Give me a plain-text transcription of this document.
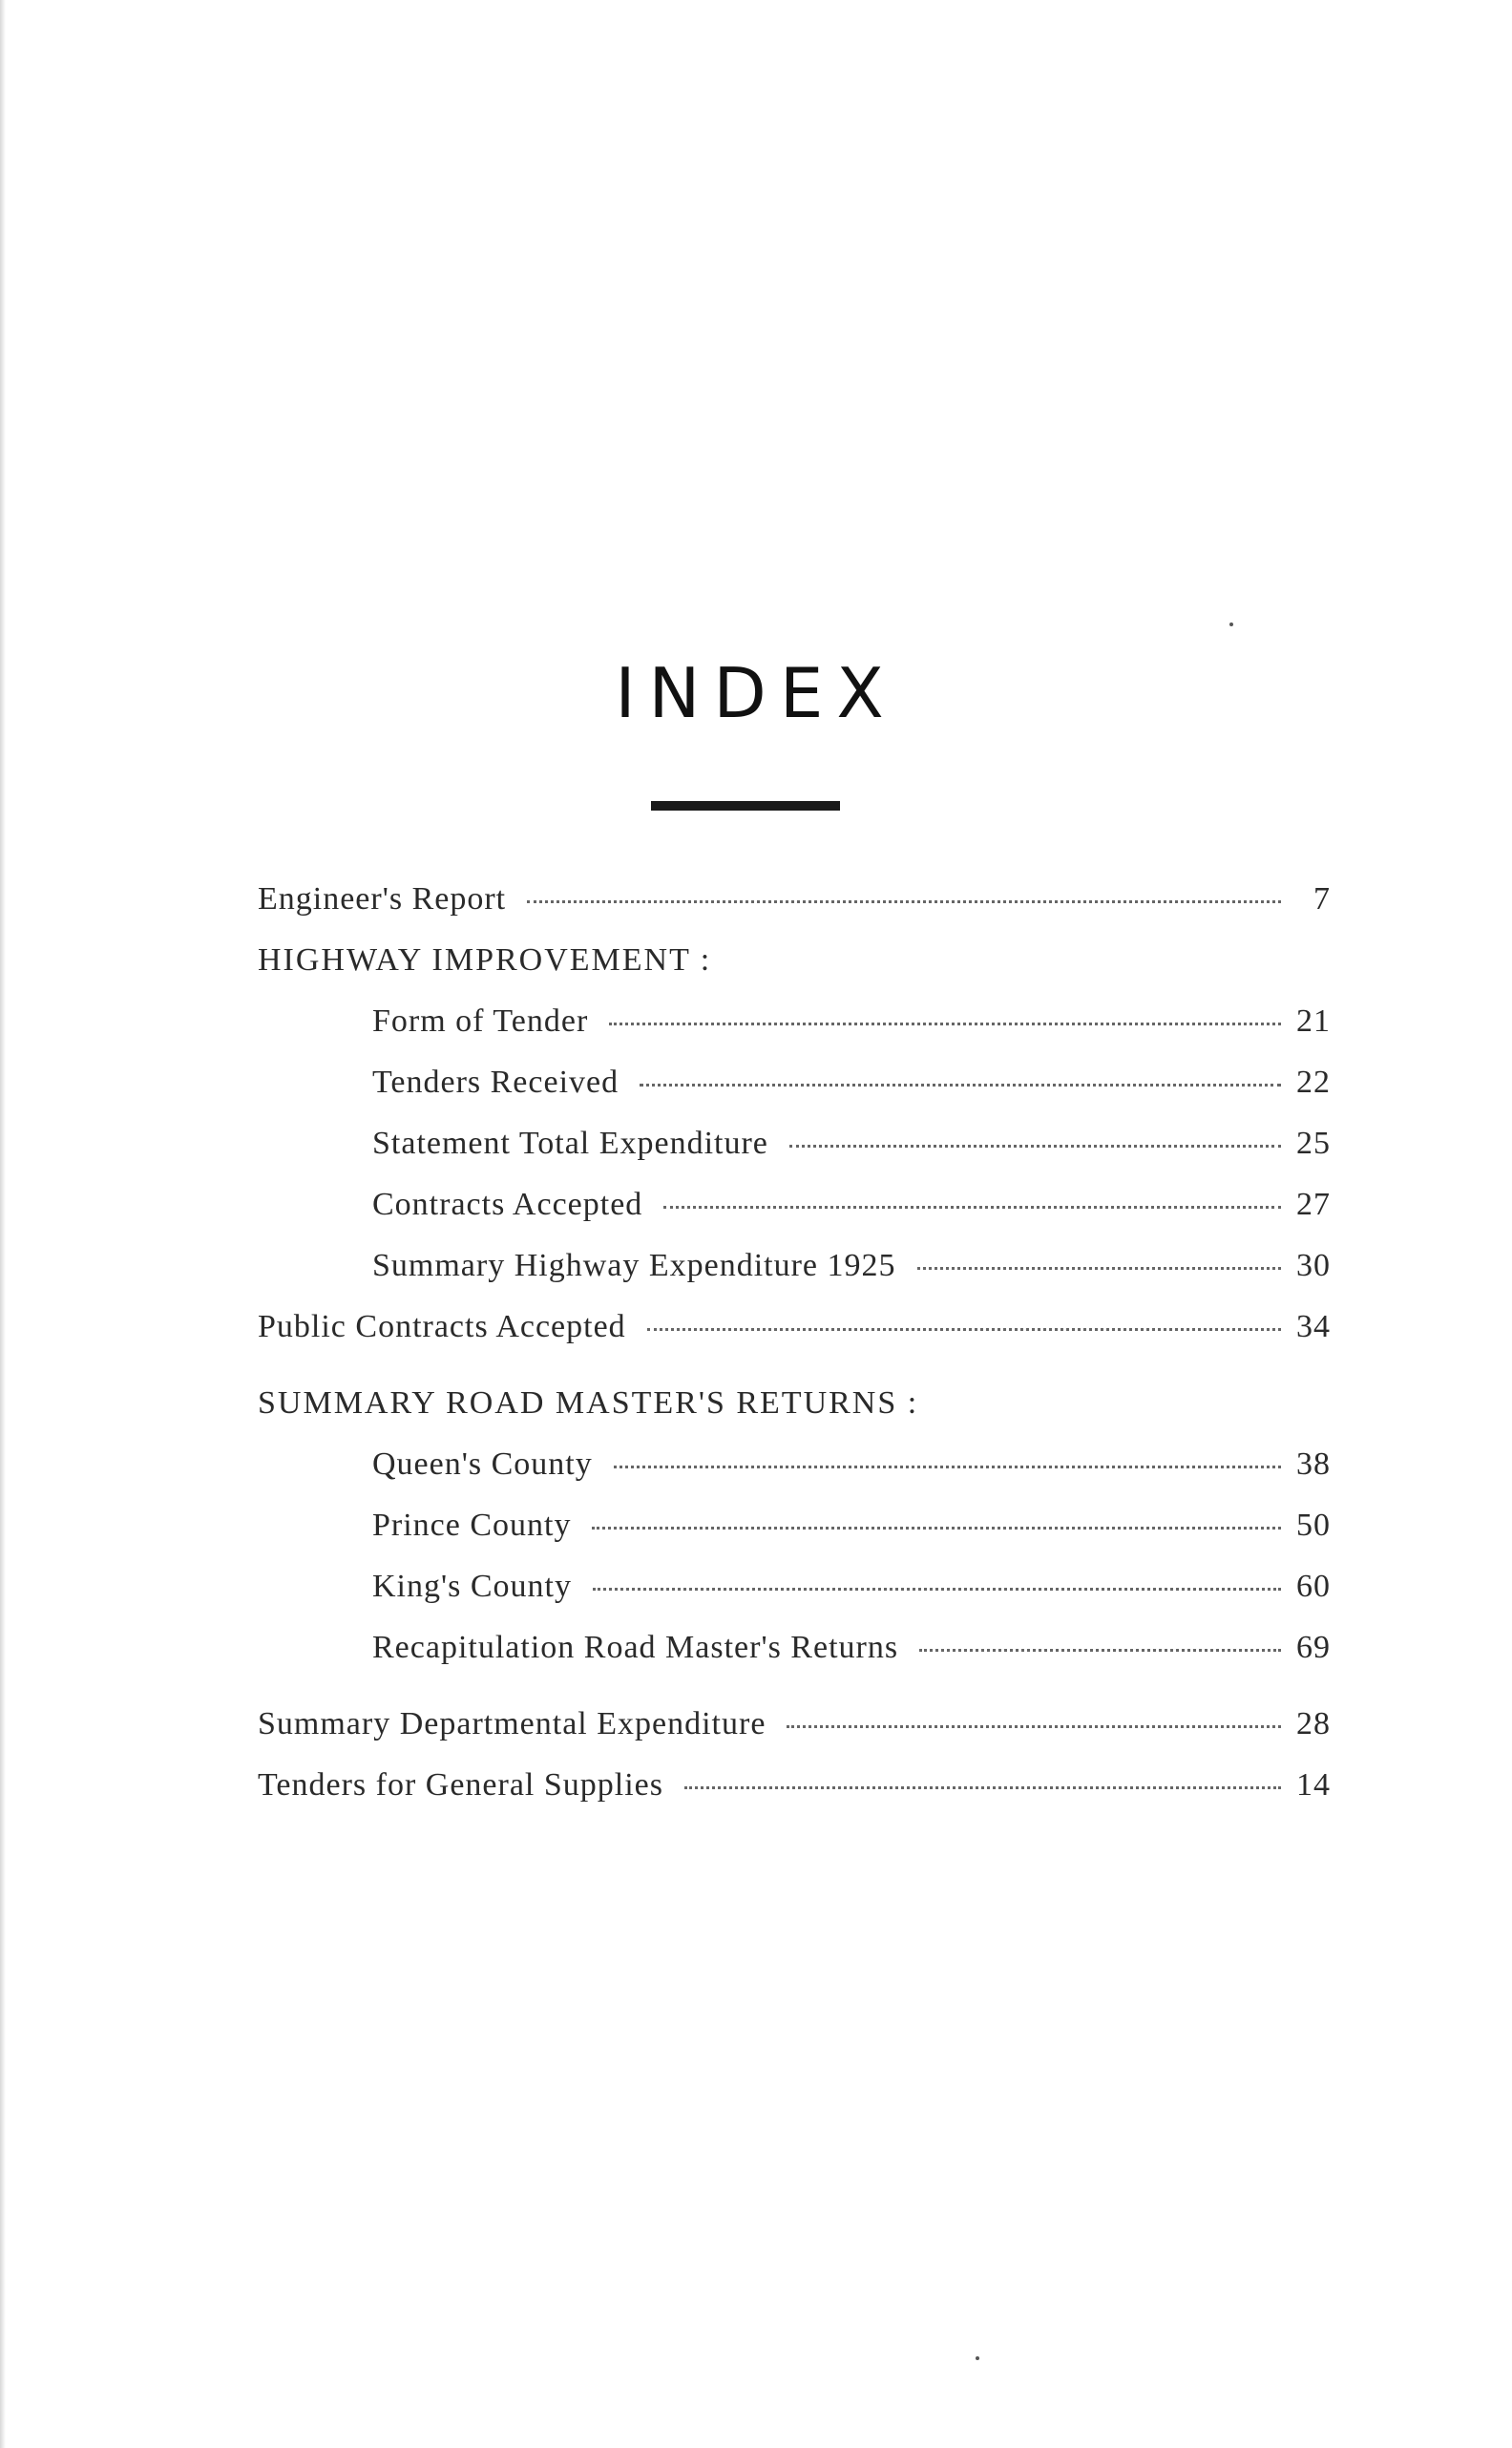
INDEX
Engineer's Report	7
HIGHWAY IMPROVEMENT :
Form of Tender	21
Tenders Received	22
Statement Total Expenditure	25
Contracts Accepted	27
Summary Highway Expenditure 1925	30
Public Contracts Accepted	34
SUMMARY ROAD MASTER'S RETURNS :
Queen's County	38
Prince County	50
King's County	60
Recapitulation Road Master's Returns	69
Summary Departmental Expenditure	28
Tenders for General Supplies	14
